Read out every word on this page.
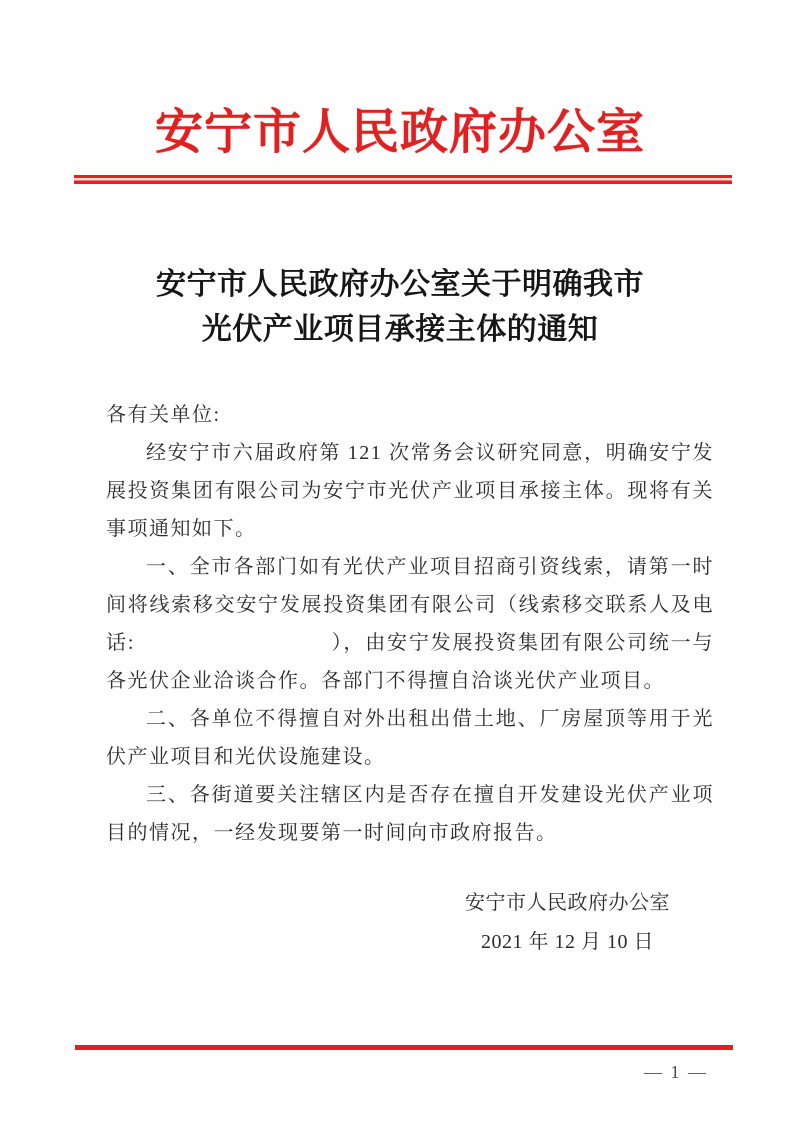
安宁市人民政府办公室
安宁市人民政府办公室关于明确我市
光伏产业项目承接主体的通知

各有关单位:

经安宁市六届政府第 121 次常务会议研究同意，明确安宁发展投资集团有限公司为安宁市光伏产业项目承接主体。现将有关事项通知如下。

一、全市各部门如有光伏产业项目招商引资线索，请第一时间将线索移交安宁发展投资集团有限公司（线索移交联系人及电话:　　　　　　　　　），由安宁发展投资集团有限公司统一与各光伏企业洽谈合作。各部门不得擅自洽谈光伏产业项目。

二、各单位不得擅自对外出租出借土地、厂房屋顶等用于光伏产业项目和光伏设施建设。

三、各街道要关注辖区内是否存在擅自开发建设光伏产业项目的情况，一经发现要第一时间向市政府报告。

安宁市人民政府办公室
2021 年 12 月 10 日
— 1 —
